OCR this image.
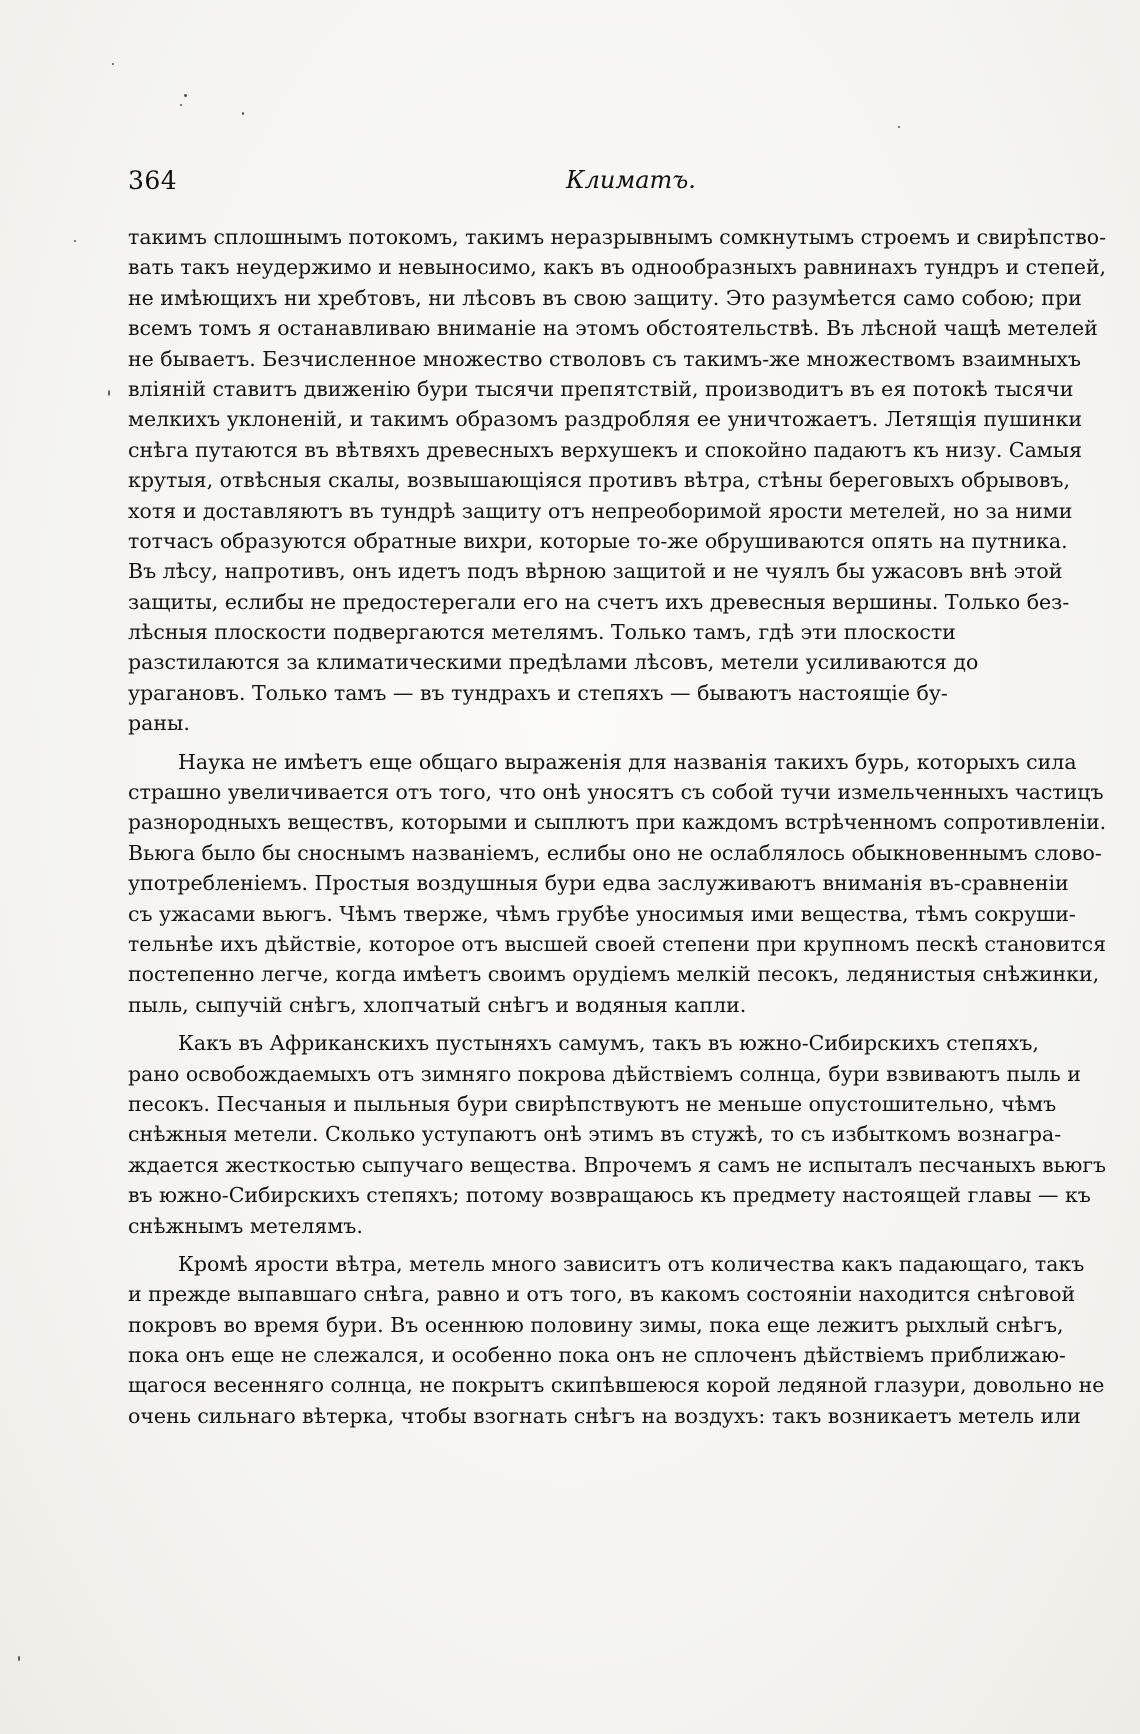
364	Климатъ.
такимъ сплошнымъ потокомъ, такимъ неразрывнымъ сомкнутымъ строемъ и свирѣпство-
вать такъ неудержимо и невыносимо, какъ въ однообразныхъ равнинахъ тундръ и степей,
не имѣющихъ ни хребтовъ, ни лѣсовъ въ свою защиту. Это разумѣется само собою; при
всемъ томъ я останавливаю вниманіе на этомъ обстоятельствѣ. Въ лѣсной чащѣ метелей
не бываетъ. Безчисленное множество стволовъ съ такимъ-же множествомъ взаимныхъ
вліяній ставитъ движенію бури тысячи препятствій, производитъ въ ея потокѣ тысячи
мелкихъ уклоненій, и такимъ образомъ раздробляя ее уничтожаетъ. Летящія пушинки
снѣга путаются въ вѣтвяхъ древесныхъ верхушекъ и спокойно падаютъ къ низу. Самыя
крутыя, отвѣсныя скалы, возвышающіяся противъ вѣтра, стѣны береговыхъ обрывовъ,
хотя и доставляютъ въ тундрѣ защиту отъ непреоборимой ярости метелей, но за ними
тотчасъ образуются обратные вихри, которые то-же обрушиваются опять на путника.
Въ лѣсу, напротивъ, онъ идетъ подъ вѣрною защитой и не чуялъ бы ужасовъ внѣ этой
защиты, еслибы не предостерегали его на счетъ ихъ древесныя вершины. Только без-
лѣсныя плоскости подвергаются метелямъ. Только тамъ, гдѣ эти плоскости
разстилаются за климатическими предѣлами лѣсовъ, метели усиливаются до
урагановъ. Только тамъ — въ тундрахъ и степяхъ — бываютъ настоящіе бу-
раны.
Наука не имѣетъ еще общаго выраженія для названія такихъ бурь, которыхъ сила
страшно увеличивается отъ того, что онѣ уносятъ съ собой тучи измельченныхъ частицъ
разнородныхъ веществъ, которыми и сыплютъ при каждомъ встрѣченномъ сопротивленіи.
Вьюга было бы сноснымъ названіемъ, еслибы оно не ослаблялось обыкновеннымъ слово-
употребленіемъ. Простыя воздушныя бури едва заслуживаютъ вниманія въ-сравненіи
съ ужасами вьюгъ. Чѣмъ тверже, чѣмъ грубѣе уносимыя ими вещества, тѣмъ сокруши-
тельнѣе ихъ дѣйствіе, которое отъ высшей своей степени при крупномъ пескѣ становится
постепенно легче, когда имѣетъ своимъ орудіемъ мелкій песокъ, ледянистыя снѣжинки,
пыль, сыпучій снѣгъ, хлопчатый снѣгъ и водяныя капли.
Какъ въ Африканскихъ пустыняхъ самумъ, такъ въ южно-Сибирскихъ степяхъ,
рано освобождаемыхъ отъ зимняго покрова дѣйствіемъ солнца, бури взвиваютъ пыль и
песокъ. Песчаныя и пыльныя бури свирѣпствуютъ не меньше опустошительно, чѣмъ
снѣжныя метели. Сколько уступаютъ онѣ этимъ въ стужѣ, то съ избыткомъ вознагра-
ждается жесткостью сыпучаго вещества. Впрочемъ я самъ не испыталъ песчаныхъ вьюгъ
въ южно-Сибирскихъ степяхъ; потому возвращаюсь къ предмету настоящей главы — къ
снѣжнымъ метелямъ.
Кромѣ ярости вѣтра, метель много зависитъ отъ количества какъ падающаго, такъ
и прежде выпавшаго снѣга, равно и отъ того, въ какомъ состояніи находится снѣговой
покровъ во время бури. Въ осеннюю половину зимы, пока еще лежитъ рыхлый снѣгъ,
пока онъ еще не слежался, и особенно пока онъ не сплоченъ дѣйствіемъ приближаю-
щагося весенняго солнца, не покрытъ скипѣвшеюся корой ледяной глазури, довольно не
очень сильнаго вѣтерка, чтобы взогнать снѣгъ на воздухъ: такъ возникаетъ метель или
